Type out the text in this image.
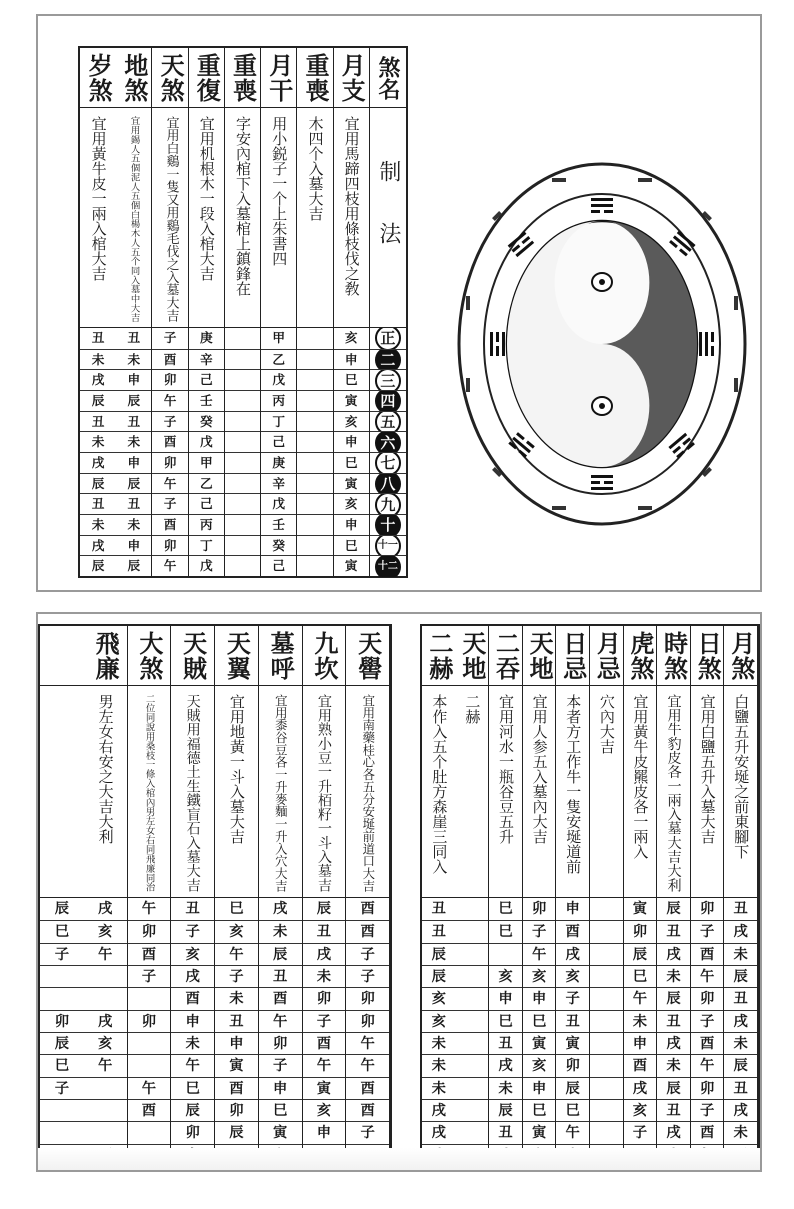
煞名
制法
正
二
三
四
五
六
七
八
九
十
十一
十二
月支
宜用馬蹄四枝用條枝伐之敎
亥
申
巳
寅
亥
申
巳
寅
亥
申
巳
寅
重喪
木四个入墓大吉
月干
用小鋭子一个上朱書四
甲
乙
戊
丙
丁
己
庚
辛
戊
壬
癸
己
重喪
字安內棺下入墓棺上鎮鋒在
重復
宜用机根木一段入棺大吉
庚
辛
己
壬
癸
戊
甲
乙
己
丙
丁
戊
天煞
宜用白鷄一隻又用鷄毛伐之入墓大吉
子
酉
卯
午
子
酉
卯
午
子
酉
卯
午
地煞
宜用錫人五個泥人五個白楊木人五个同入墓中大吉
丑
未
申
辰
丑
未
申
辰
丑
未
申
辰
岁煞
宜用黃牛皮一兩入棺大吉
丑
未
戌
辰
丑
未
戌
辰
丑
未
戌
辰
天嚳
宜用南藥桂心各五分安埏前道口大吉
酉
酉
子
子
卯
卯
午
午
酉
酉
子
九坎
宜用熟小豆一升栢籽一斗入墓吉
辰
丑
戌
未
卯
子
酉
午
寅
亥
申
墓呼
宜用黍谷豆各一升麥麵一升入穴大吉
戌
未
辰
丑
酉
午
卯
子
申
巳
寅
天翼
宜用地黃一斗入墓大吉
巳
亥
午
子
未
丑
申
寅
酉
卯
辰
天賊
天賊用福德土生鐵盲石入墓大吉
丑
子
亥
戌
酉
申
未
午
巳
辰
卯
大煞
二位同說用桑枝一條入棺內男左女右同飛廉同治
午
卯
酉
子
卯
午
酉
飛廉
男左女右安之大吉大利
戌
亥
午
戌
亥
午
辰
巳
子
卯
辰
巳
子
月煞
白鹽五升安埏之前東腳下
丑
戌
未
辰
丑
戌
未
辰
丑
戌
未
日煞
宜用白鹽五升入墓大吉
卯
子
酉
午
卯
子
酉
午
卯
子
酉
時煞
宜用牛豹皮各一兩入墓大吉大利
辰
丑
戌
未
辰
丑
戌
未
辰
丑
戌
虎煞
宜用黃牛皮羆皮各一兩入
寅
卯
辰
巳
午
未
申
酉
戌
亥
子
月忌
穴內大吉
日忌
本者方工作牛一隻安埏道前
申
酉
戌
亥
子
丑
寅
卯
辰
巳
午
天地
宜用人参五入墓內大吉
卯
子
午
亥
申
巳
寅
亥
申
巳
寅
二吞
宜用河水一瓶谷豆五升
巳
巳
亥
申
巳
丑
戌
未
辰
丑
天地
二赫
二赫
本作入五个肚方森崖三同入
丑
丑
辰
辰
亥
亥
未
未
未
戌
戌
